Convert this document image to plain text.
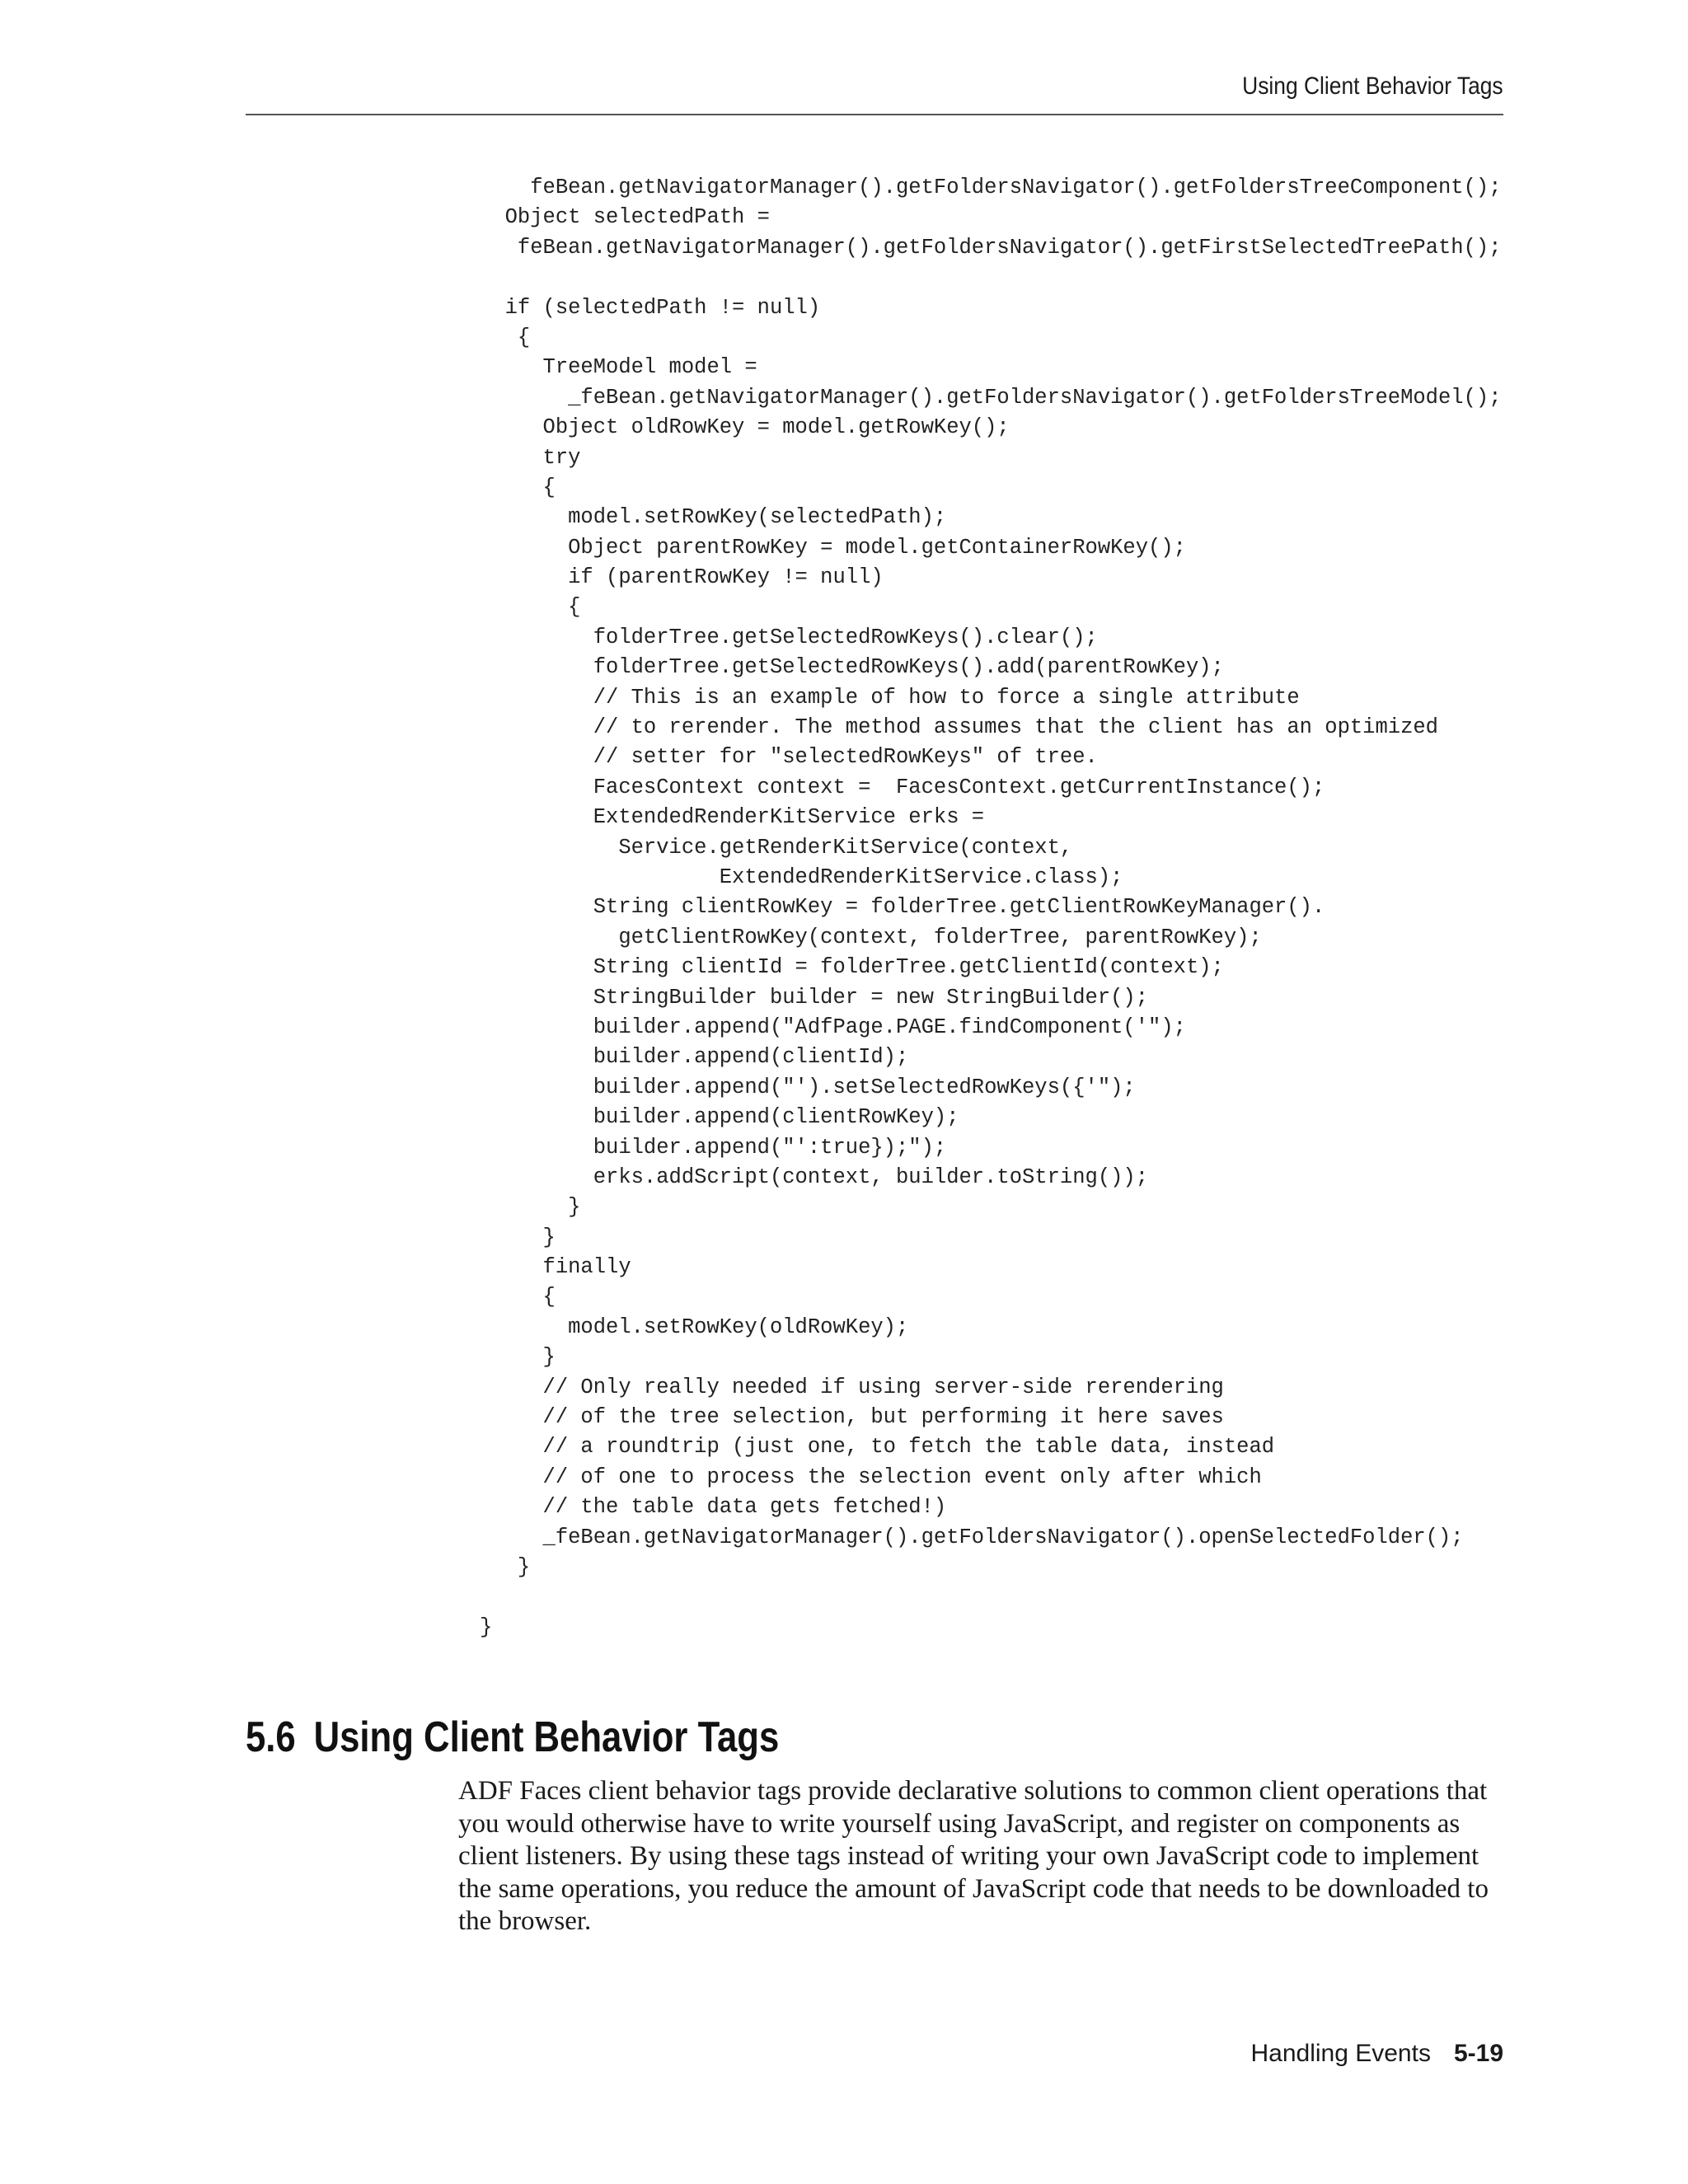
Using Client Behavior Tags
feBean.getNavigatorManager().getFoldersNavigator().getFoldersTreeComponent();
Object selectedPath =
feBean.getNavigatorManager().getFoldersNavigator().getFirstSelectedTreePath();
if (selectedPath != null)
{
TreeModel model =
_feBean.getNavigatorManager().getFoldersNavigator().getFoldersTreeModel();
Object oldRowKey = model.getRowKey();
try
{
model.setRowKey(selectedPath);
Object parentRowKey = model.getContainerRowKey();
if (parentRowKey != null)
{
folderTree.getSelectedRowKeys().clear();
folderTree.getSelectedRowKeys().add(parentRowKey);
// This is an example of how to force a single attribute
// to rerender. The method assumes that the client has an optimized
// setter for "selectedRowKeys" of tree.
FacesContext context =  FacesContext.getCurrentInstance();
ExtendedRenderKitService erks =
Service.getRenderKitService(context,
ExtendedRenderKitService.class);
String clientRowKey = folderTree.getClientRowKeyManager().
getClientRowKey(context, folderTree, parentRowKey);
String clientId = folderTree.getClientId(context);
StringBuilder builder = new StringBuilder();
builder.append("AdfPage.PAGE.findComponent('");
builder.append(clientId);
builder.append("').setSelectedRowKeys({'");
builder.append(clientRowKey);
builder.append("':true});");
erks.addScript(context, builder.toString());
}
}
finally
{
model.setRowKey(oldRowKey);
}
// Only really needed if using server-side rerendering
// of the tree selection, but performing it here saves
// a roundtrip (just one, to fetch the table data, instead
// of one to process the selection event only after which
// the table data gets fetched!)
_feBean.getNavigatorManager().getFoldersNavigator().openSelectedFolder();
}
}
5.6 Using Client Behavior Tags

ADF Faces client behavior tags provide declarative solutions to common client operations that you would otherwise have to write yourself using JavaScript, and register on components as client listeners. By using these tags instead of writing your own JavaScript code to implement the same operations, you reduce the amount of JavaScript code that needs to be downloaded to the browser.

Handling Events 5-19
